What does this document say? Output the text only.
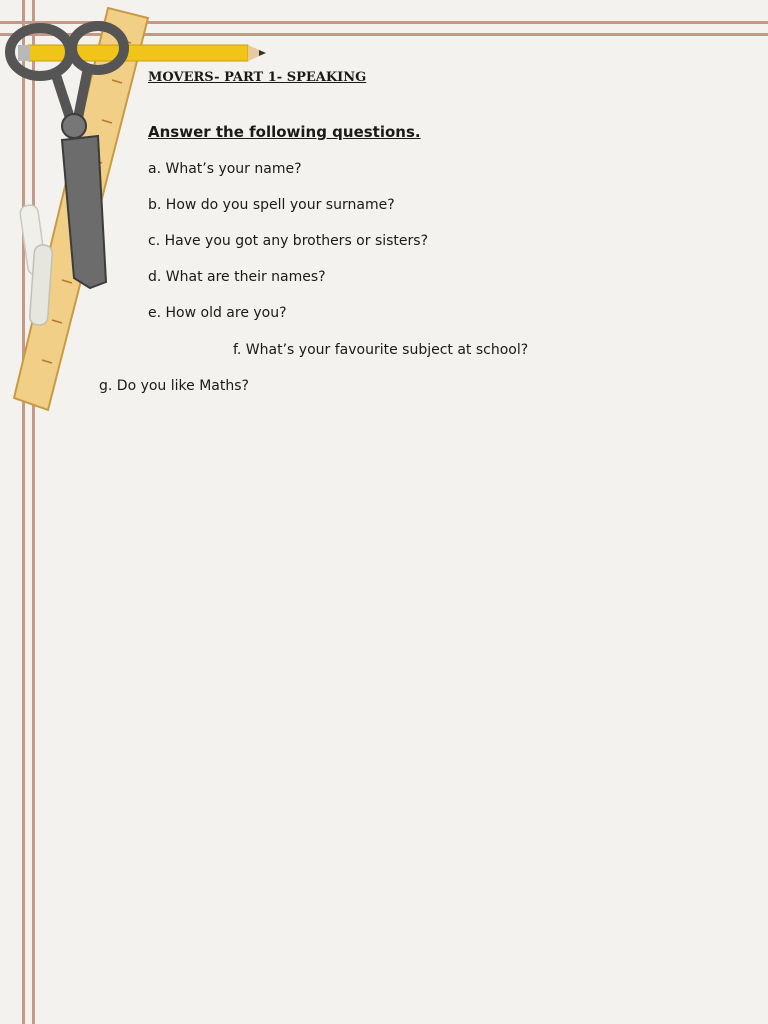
MOVERS- PART 1- SPEAKING
Answer the following questions.
a. What’s your name?
b. How do you spell your surname?
c. Have you got any brothers or sisters?
d. What are their names?
e. How old are you?
f. What’s your favourite subject at school?
g. Do you like Maths?
